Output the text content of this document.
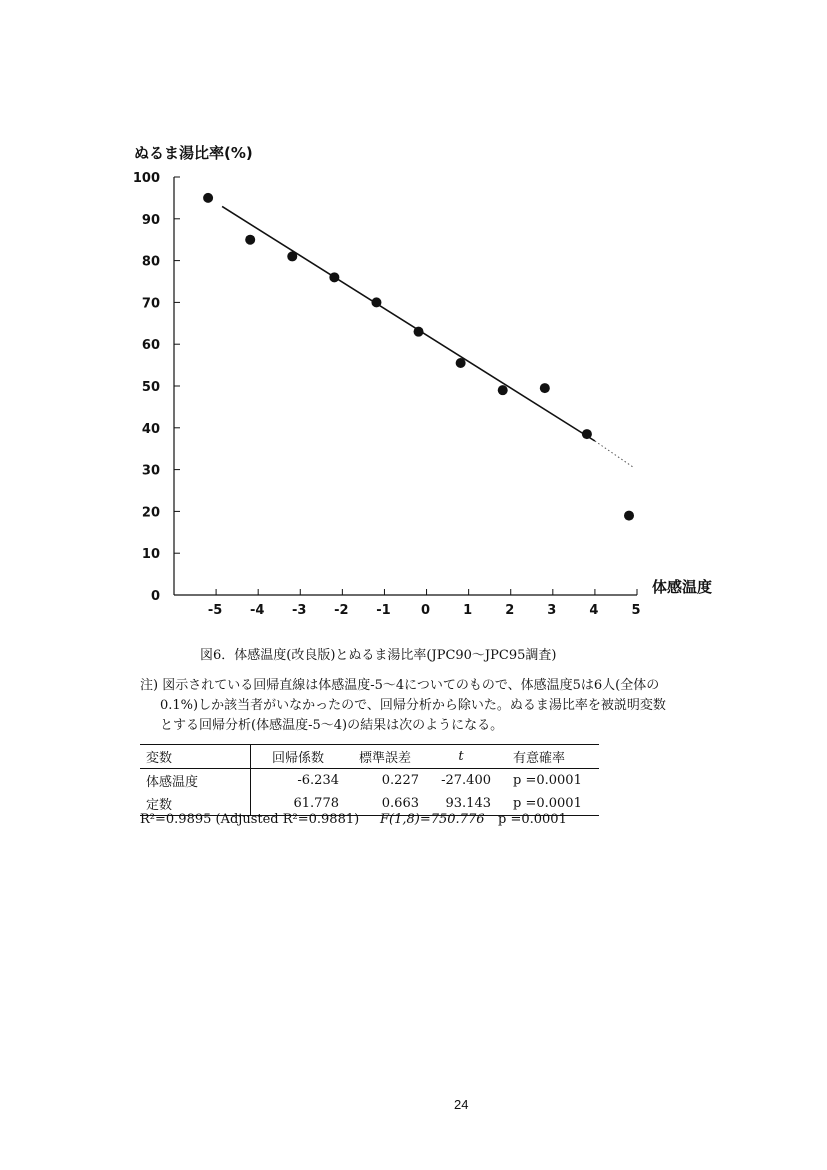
100
90
80
70
60
50
40
30
20
10
0
-5 -4 -3 -2 -1 0	1	2	3	4	5
ぬるま湯比率(%)
体感温度
図6．体感温度(改良版)とぬるま湯比率(JPC90～JPC95調査)
注) 図示されている回帰直線は体感温度-5～4についてのもので、体感温度5は6人(全体の
0.1%)しか該当者がいなかったので、回帰分析から除いた。ぬるま湯比率を被説明変数
とする回帰分析(体感温度-5～4)の結果は次のようになる。
変数	回帰係数	標準誤差	t	有意確率
体感温度	-6.234	0.227	-27.400	p =0.0001
定数	61.778	0.663	93.143	p =0.0001
R²=0.9895 (Adjusted R²=0.9881) F(1,8)=750.776 p =0.0001
24
